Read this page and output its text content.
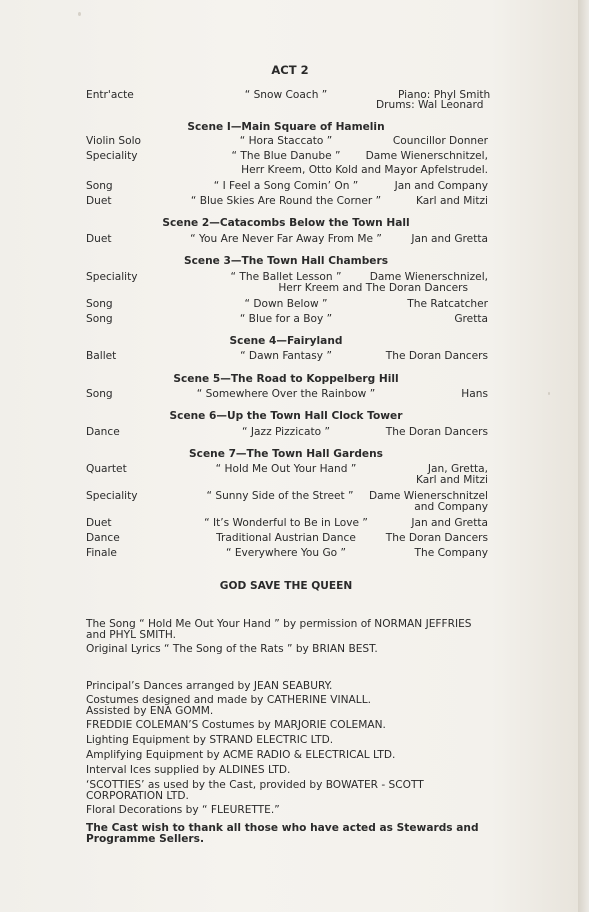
ACT 2
Entr'acte	“ Snow Coach ”	Piano: Phyl Smith
Drums: Wal Leonard
Scene I—Main Square of Hamelin
Violin Solo	“ Hora Staccato ”	Councillor Donner
Speciality	“ The Blue Danube ” Dame Wienerschnitzel,
Herr Kreem, Otto Kold and Mayor Apfelstrudel.
Song	“ I Feel a Song Comin’ On ”	Jan and Company
Duet	“ Blue Skies Are Round the Corner ”	Karl and Mitzi
Scene 2—Catacombs Below the Town Hall
Duet	“ You Are Never Far Away From Me ”	Jan and Gretta
Scene 3—The Town Hall Chambers
Speciality	“ The Ballet Lesson ”	Dame Wienerschnizel,
Herr Kreem and The Doran Dancers
Song	“ Down Below ”	The Ratcatcher
Song	“ Blue for a Boy ”	Gretta
Scene 4—Fairyland
Ballet	“ Dawn Fantasy ”	The Doran Dancers
Scene 5—The Road to Koppelberg Hill
Song	“ Somewhere Over the Rainbow ”	Hans
Scene 6—Up the Town Hall Clock Tower
Dance	“ Jazz Pizzicato ”	The Doran Dancers
Scene 7—The Town Hall Gardens
Quartet	“ Hold Me Out Your Hand ”	Jan, Gretta,
Karl and Mitzi
Speciality	“ Sunny Side of the Street ” Dame Wienerschnitzel
and Company
Duet	“ It’s Wonderful to Be in Love ”	Jan and Gretta
Dance	Traditional Austrian Dance	The Doran Dancers
Finale	“ Everywhere You Go ”	The Company
GOD SAVE THE QUEEN
The Song “ Hold Me Out Your Hand ” by permission of NORMAN JEFFRIES
and PHYL SMITH.
Original Lyrics “ The Song of the Rats ” by BRIAN BEST.
Principal’s Dances arranged by JEAN SEABURY.
Costumes designed and made by CATHERINE VINALL.
Assisted by ENA GOMM.
FREDDIE COLEMAN’S Costumes by MARJORIE COLEMAN.
Lighting Equipment by STRAND ELECTRIC LTD.
Amplifying Equipment by ACME RADIO & ELECTRICAL LTD.
Interval Ices supplied by ALDINES LTD.
‘SCOTTIES’ as used by the Cast, provided by BOWATER - SCOTT
CORPORATION LTD.
Floral Decorations by “ FLEURETTE.”
The Cast wish to thank all those who have acted as Stewards and
Programme Sellers.
